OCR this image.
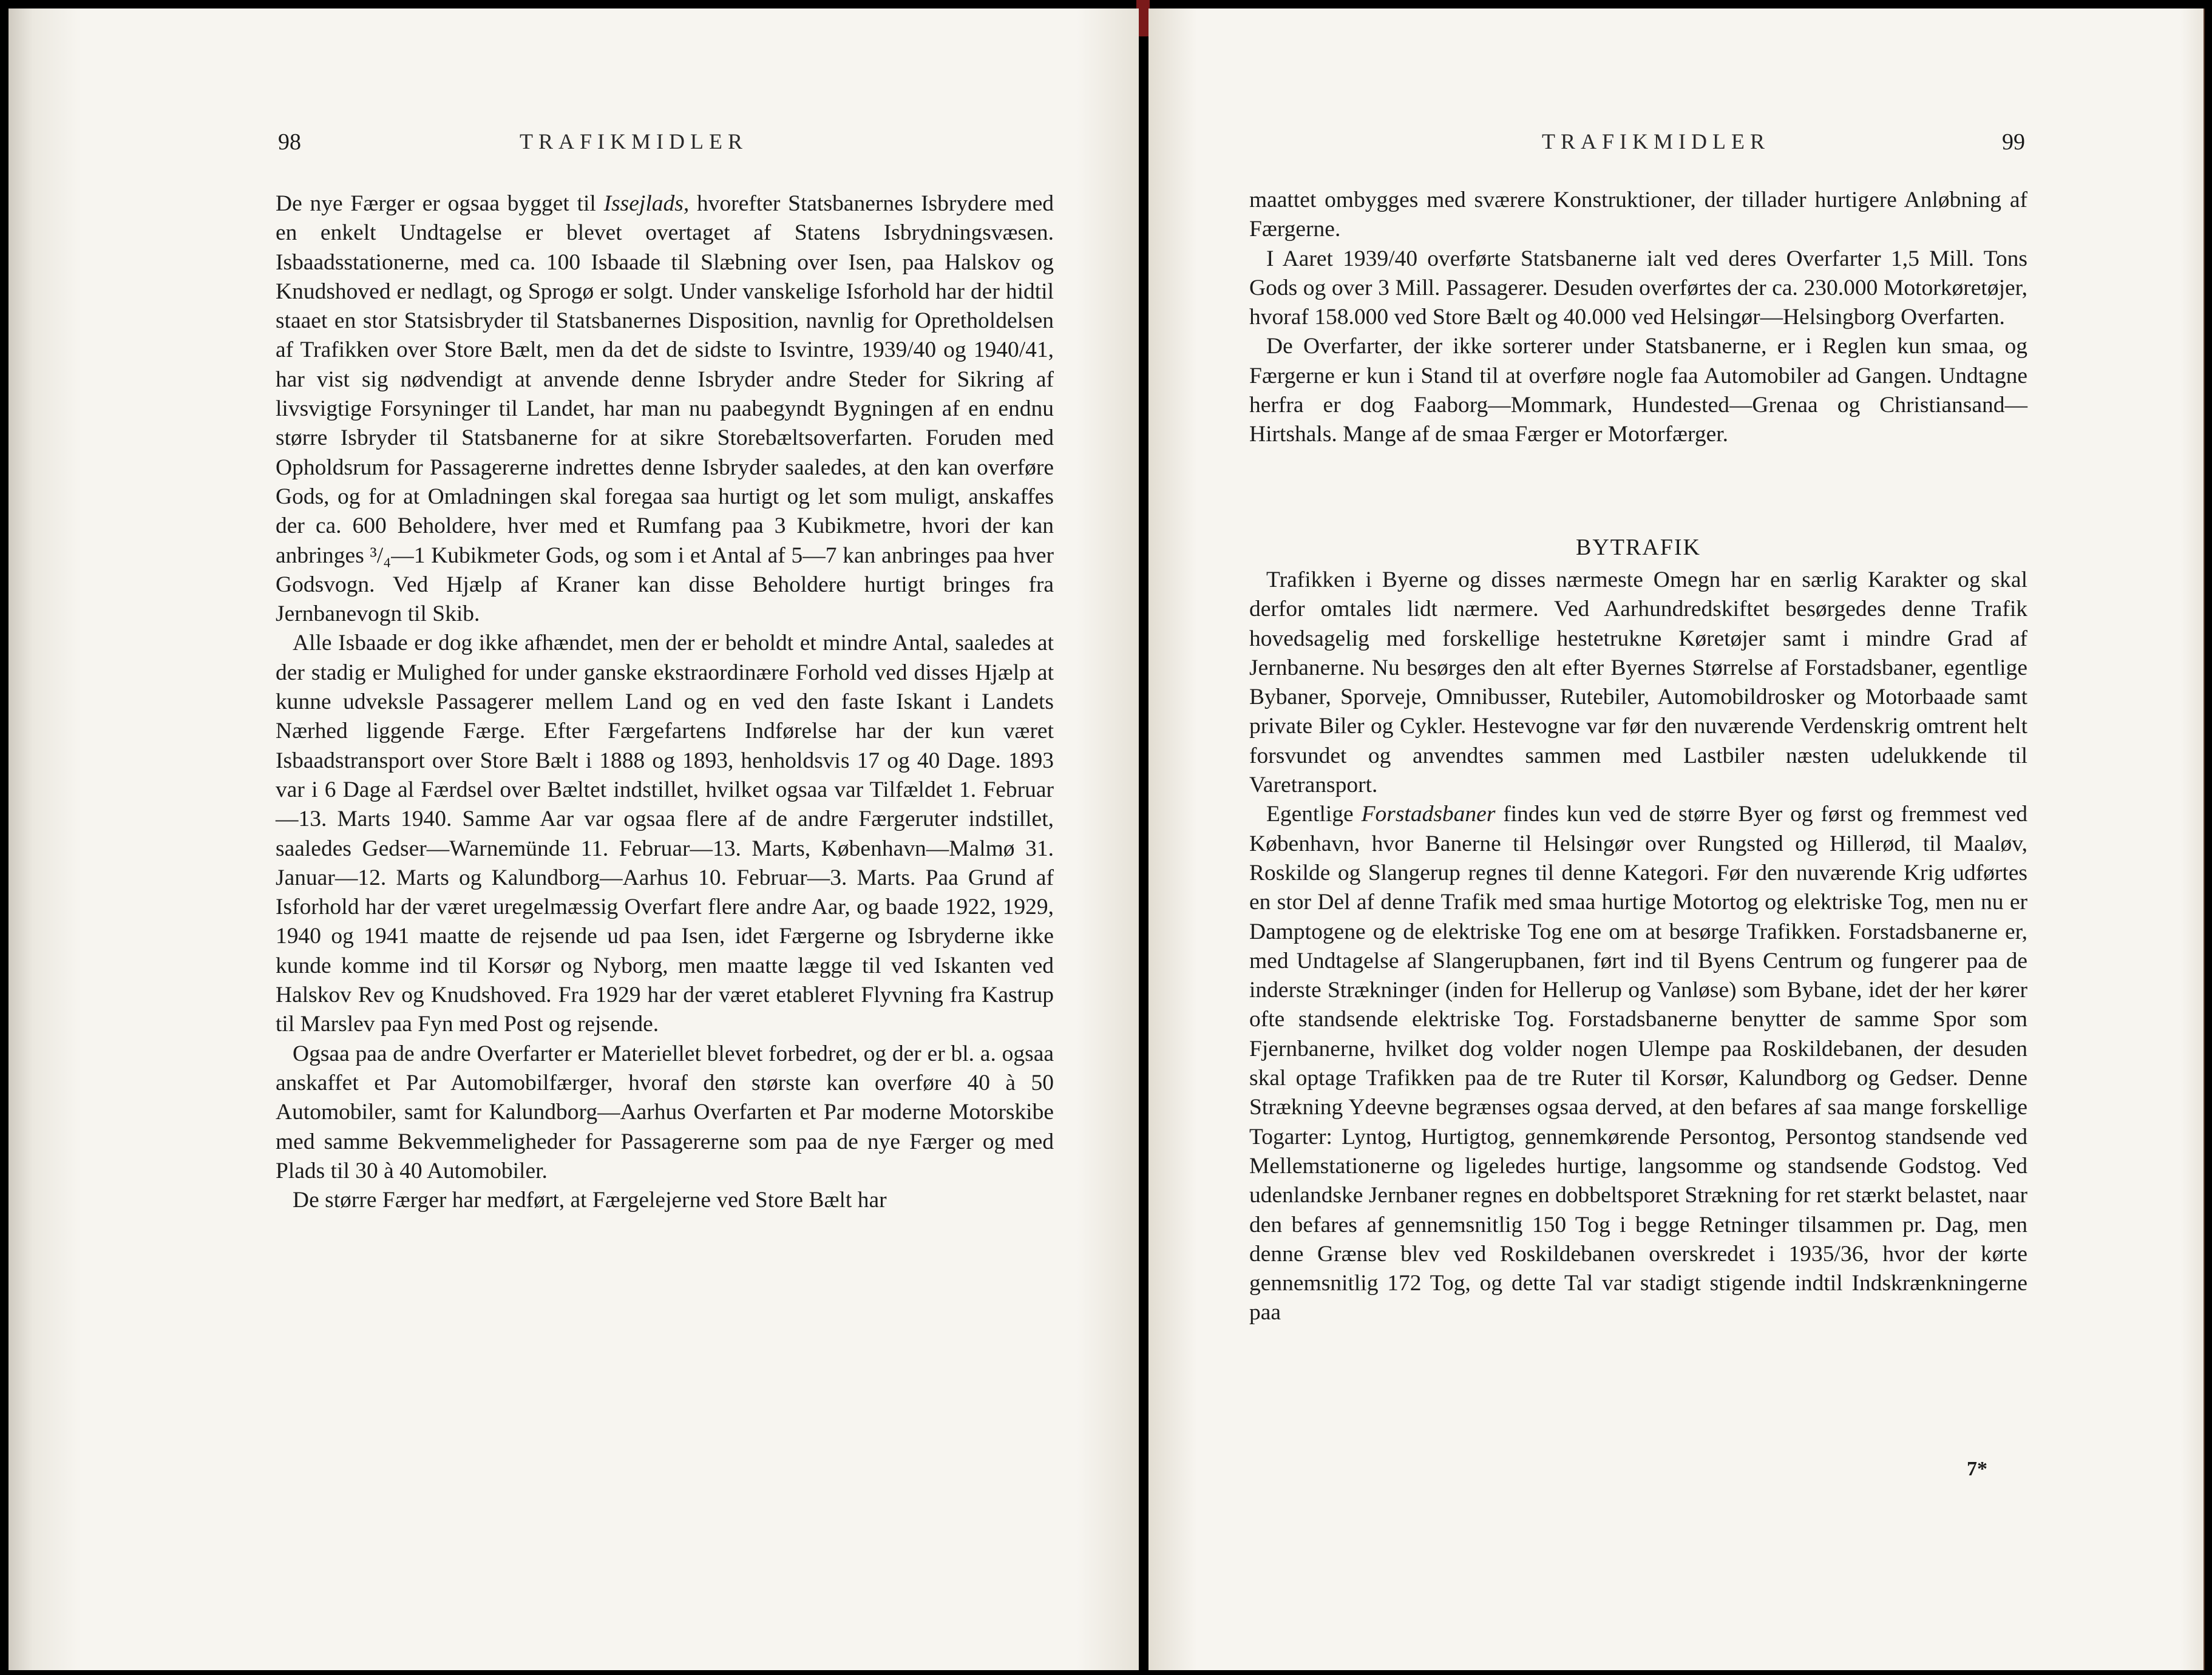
98	TRAFIKMIDLER

De nye Færger er ogsaa bygget til Issejlads, hvorefter Statsbanernes Isbrydere med en enkelt Undtagelse er blevet overtaget af Statens Isbrydningsvæsen. Isbaadsstationerne, med ca. 100 Isbaade til Slæbning over Isen, paa Halskov og Knudshoved er nedlagt, og Sprogø er solgt. Under vanskelige Isforhold har der hidtil staaet en stor Statsisbryder til Statsbanernes Disposition, navnlig for Opretholdelsen af Trafikken over Store Bælt, men da det de sidste to Isvintre, 1939/40 og 1940/41, har vist sig nødvendigt at anvende denne Isbryder andre Steder for Sikring af livsvigtige Forsyninger til Landet, har man nu paabegyndt Bygningen af en endnu større Isbryder til Statsbanerne for at sikre Storebæltsoverfarten. Foruden med Opholdsrum for Passagererne indrettes denne Isbryder saaledes, at den kan overføre Gods, og for at Omladningen skal foregaa saa hurtigt og let som muligt, anskaffes der ca. 600 Beholdere, hver med et Rumfang paa 3 Kubikmetre, hvori der kan anbringes ³/₄—1 Kubikmeter Gods, og som i et Antal af 5—7 kan anbringes paa hver Godsvogn. Ved Hjælp af Kraner kan disse Beholdere hurtigt bringes fra Jernbanevogn til Skib.

Alle Isbaade er dog ikke afhændet, men der er beholdt et mindre Antal, saaledes at der stadig er Mulighed for under ganske ekstraordinære Forhold ved disses Hjælp at kunne udveksle Passagerer mellem Land og en ved den faste Iskant i Landets Nærhed liggende Færge. Efter Færgefartens Indførelse har der kun været Isbaadstransport over Store Bælt i 1888 og 1893, henholdsvis 17 og 40 Dage. 1893 var i 6 Dage al Færdsel over Bæltet indstillet, hvilket ogsaa var Tilfældet 1. Februar—13. Marts 1940. Samme Aar var ogsaa flere af de andre Færgeruter indstillet, saaledes Gedser—Warnemünde 11. Februar—13. Marts, København—Malmø 31. Januar—12. Marts og Kalundborg—Aarhus 10. Februar—3. Marts. Paa Grund af Isforhold har der været uregelmæssig Overfart flere andre Aar, og baade 1922, 1929, 1940 og 1941 maatte de rejsende ud paa Isen, idet Færgerne og Isbryderne ikke kunde komme ind til Korsør og Nyborg, men maatte lægge til ved Iskanten ved Halskov Rev og Knudshoved. Fra 1929 har der været etableret Flyvning fra Kastrup til Marslev paa Fyn med Post og rejsende.

Ogsaa paa de andre Overfarter er Materiellet blevet forbedret, og der er bl. a. ogsaa anskaffet et Par Automobilfærger, hvoraf den største kan overføre 40 à 50 Automobiler, samt for Kalundborg—Aarhus Overfarten et Par moderne Motorskibe med samme Bekvemmeligheder for Passagererne som paa de nye Færger og med Plads til 30 à 40 Automobiler.

De større Færger har medført, at Færgelejerne ved Store Bælt har

TRAFIKMIDLER	99

maattet ombygges med sværere Konstruktioner, der tillader hurtigere Anløbning af Færgerne.

I Aaret 1939/40 overførte Statsbanerne ialt ved deres Overfarter 1,5 Mill. Tons Gods og over 3 Mill. Passagerer. Desuden overførtes der ca. 230.000 Motorkøretøjer, hvoraf 158.000 ved Store Bælt og 40.000 ved Helsingør—Helsingborg Overfarten.

De Overfarter, der ikke sorterer under Statsbanerne, er i Reglen kun smaa, og Færgerne er kun i Stand til at overføre nogle faa Automobiler ad Gangen. Undtagne herfra er dog Faaborg—Mommark, Hundested—Grenaa og Christiansand—Hirtshals. Mange af de smaa Færger er Motorfærger.

BYTRAFIK

Trafikken i Byerne og disses nærmeste Omegn har en særlig Karakter og skal derfor omtales lidt nærmere. Ved Aarhundredskiftet besørgedes denne Trafik hovedsagelig med forskellige hestetrukne Køretøjer samt i mindre Grad af Jernbanerne. Nu besørges den alt efter Byernes Størrelse af Forstadsbaner, egentlige Bybaner, Sporveje, Omnibusser, Rutebiler, Automobildrosker og Motorbaade samt private Biler og Cykler. Hestevogne var før den nuværende Verdenskrig omtrent helt forsvundet og anvendtes sammen med Lastbiler næsten udelukkende til Varetransport.

Egentlige Forstadsbaner findes kun ved de større Byer og først og fremmest ved København, hvor Banerne til Helsingør over Rungsted og Hillerød, til Maaløv, Roskilde og Slangerup regnes til denne Kategori. Før den nuværende Krig udførtes en stor Del af denne Trafik med smaa hurtige Motortog og elektriske Tog, men nu er Damptogene og de elektriske Tog ene om at besørge Trafikken. Forstadsbanerne er, med Undtagelse af Slangerupbanen, ført ind til Byens Centrum og fungerer paa de inderste Strækninger (inden for Hellerup og Vanløse) som Bybane, idet der her kører ofte standsende elektriske Tog. Forstadsbanerne benytter de samme Spor som Fjernbanerne, hvilket dog volder nogen Ulempe paa Roskildebanen, der desuden skal optage Trafikken paa de tre Ruter til Korsør, Kalundborg og Gedser. Denne Strækning Ydeevne begrænses ogsaa derved, at den befares af saa mange forskellige Togarter: Lyntog, Hurtigtog, gennemkørende Persontog, Persontog standsende ved Mellemstationerne og ligeledes hurtige, langsomme og standsende Godstog. Ved udenlandske Jernbaner regnes en dobbeltsporet Strækning for ret stærkt belastet, naar den befares af gennemsnitlig 150 Tog i begge Retninger tilsammen pr. Dag, men denne Grænse blev ved Roskildebanen overskredet i 1935/36, hvor der kørte gennemsnitlig 172 Tog, og dette Tal var stadigt stigende indtil Indskrænkningerne paa

7*
